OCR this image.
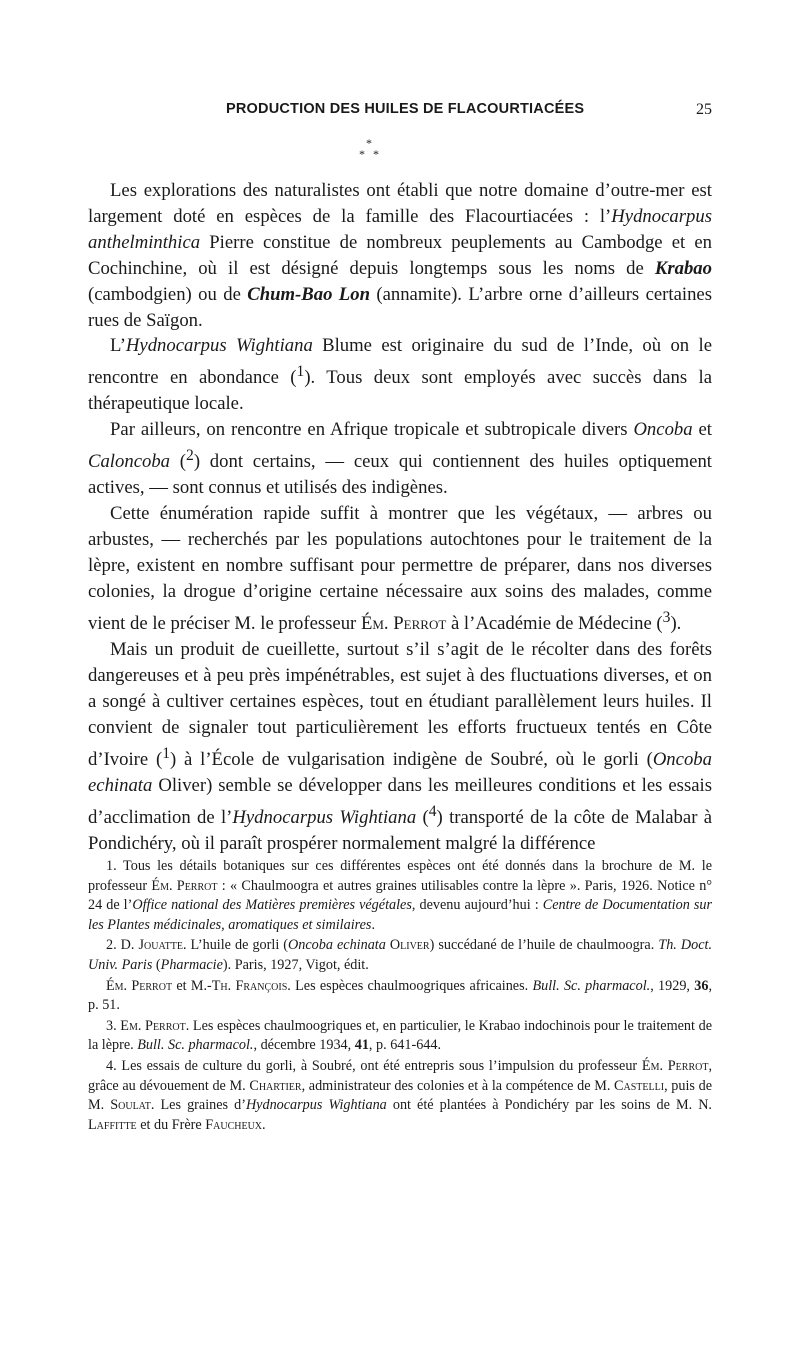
PRODUCTION DES HUILES DE FLACOURTIACÉES	25
*
* *

Les explorations des naturalistes ont établi que notre domaine d’outre-mer est largement doté en espèces de la famille des Flacourtiacées : l’Hydnocarpus anthelminthica Pierre constitue de nombreux peuplements au Cambodge et en Cochinchine, où il est désigné depuis longtemps sous les noms de Krabao (cambodgien) ou de Chum-Bao Lon (annamite). L’arbre orne d’ailleurs certaines rues de Saïgon.

L’Hydnocarpus Wightiana Blume est originaire du sud de l’Inde, où on le rencontre en abondance ($^1$). Tous deux sont employés avec succès dans la thérapeutique locale.

Par ailleurs, on rencontre en Afrique tropicale et subtropicale divers Oncoba et Caloncoba ($^2$) dont certains, — ceux qui contiennent des huiles optiquement actives, — sont connus et utilisés des indigènes.

Cette énumération rapide suffit à montrer que les végétaux, — arbres ou arbustes, — recherchés par les populations autochtones pour le traitement de la lèpre, existent en nombre suffisant pour permettre de préparer, dans nos diverses colonies, la drogue d’origine certaine nécessaire aux soins des malades, comme vient de le préciser M. le professeur Ém. Perrot à l’Académie de Médecine ($^3$).

Mais un produit de cueillette, surtout s’il s’agit de le récolter dans des forêts dangereuses et à peu près impénétrables, est sujet à des fluctuations diverses, et on a songé à cultiver certaines espèces, tout en étudiant parallèlement leurs huiles. Il convient de signaler tout particulièrement les efforts fructueux tentés en Côte d’Ivoire ($^1$) à l’École de vulgarisation indigène de Soubré, où le gorli (Oncoba echinata Oliver) semble se développer dans les meilleures conditions et les essais d’acclimation de l’Hydnocarpus Wightiana ($^4$) transporté de la côte de Malabar à Pondichéry, où il paraît prospérer normalement malgré la différence

1. Tous les détails botaniques sur ces différentes espèces ont été donnés dans la brochure de M. le professeur Ém. Perrot : « Chaulmoogra et autres graines utilisables contre la lèpre ». Paris, 1926. Notice n° 24 de l’Office national des Matières premières végétales, devenu aujourd’hui : Centre de Documentation sur les Plantes médicinales, aromatiques et similaires.

2. D. Jouatte. L’huile de gorli (Oncoba echinata Oliver) succédané de l’huile de chaulmoogra. Th. Doct. Univ. Paris (Pharmacie). Paris, 1927, Vigot, édit.

Ém. Perrot et M.-Th. François. Les espèces chaulmoogriques africaines. Bull. Sc. pharmacol., 1929, 36, p. 51.

3. Em. Perrot. Les espèces chaulmoogriques et, en particulier, le Krabao indochinois pour le traitement de la lèpre. Bull. Sc. pharmacol., décembre 1934, 41, p. 641-644.

4. Les essais de culture du gorli, à Soubré, ont été entrepris sous l’impulsion du professeur Ém. Perrot, grâce au dévouement de M. Chartier, administrateur des colonies et à la compétence de M. Castelli, puis de M. Soulat. Les graines d’Hydnocarpus Wightiana ont été plantées à Pondichéry par les soins de M. N. Laffitte et du Frère Faucheux.
